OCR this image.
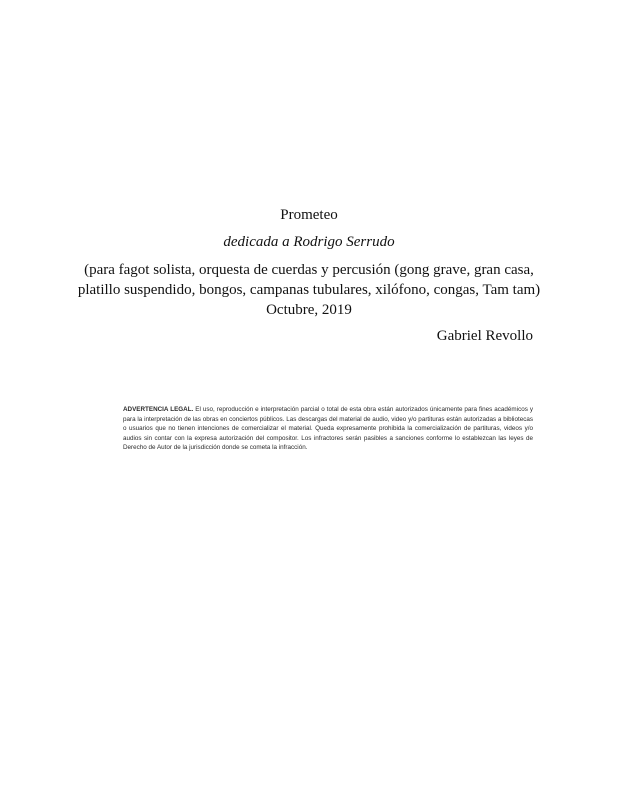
Prometeo
dedicada a Rodrigo Serrudo
(para fagot solista, orquesta de cuerdas y percusión (gong grave, gran casa, platillo suspendido, bongos, campanas tubulares, xilófono, congas, Tam tam)
Octubre, 2019
Gabriel Revollo
ADVERTENCIA LEGAL. El uso, reproducción e interpretación parcial o total de esta obra están autorizados únicamente para fines académicos y para la interpretación de las obras en conciertos públicos. Las descargas del material de audio, video y/o partituras están autorizadas a bibliotecas o usuarios que no tienen intenciones de comercializar el material. Queda expresamente prohibida la comercialización de partituras, videos y/o audios sin contar con la expresa autorización del compositor. Los infractores serán pasibles a sanciones conforme lo establezcan las leyes de Derecho de Autor de la jurisdicción donde se cometa la infracción.
